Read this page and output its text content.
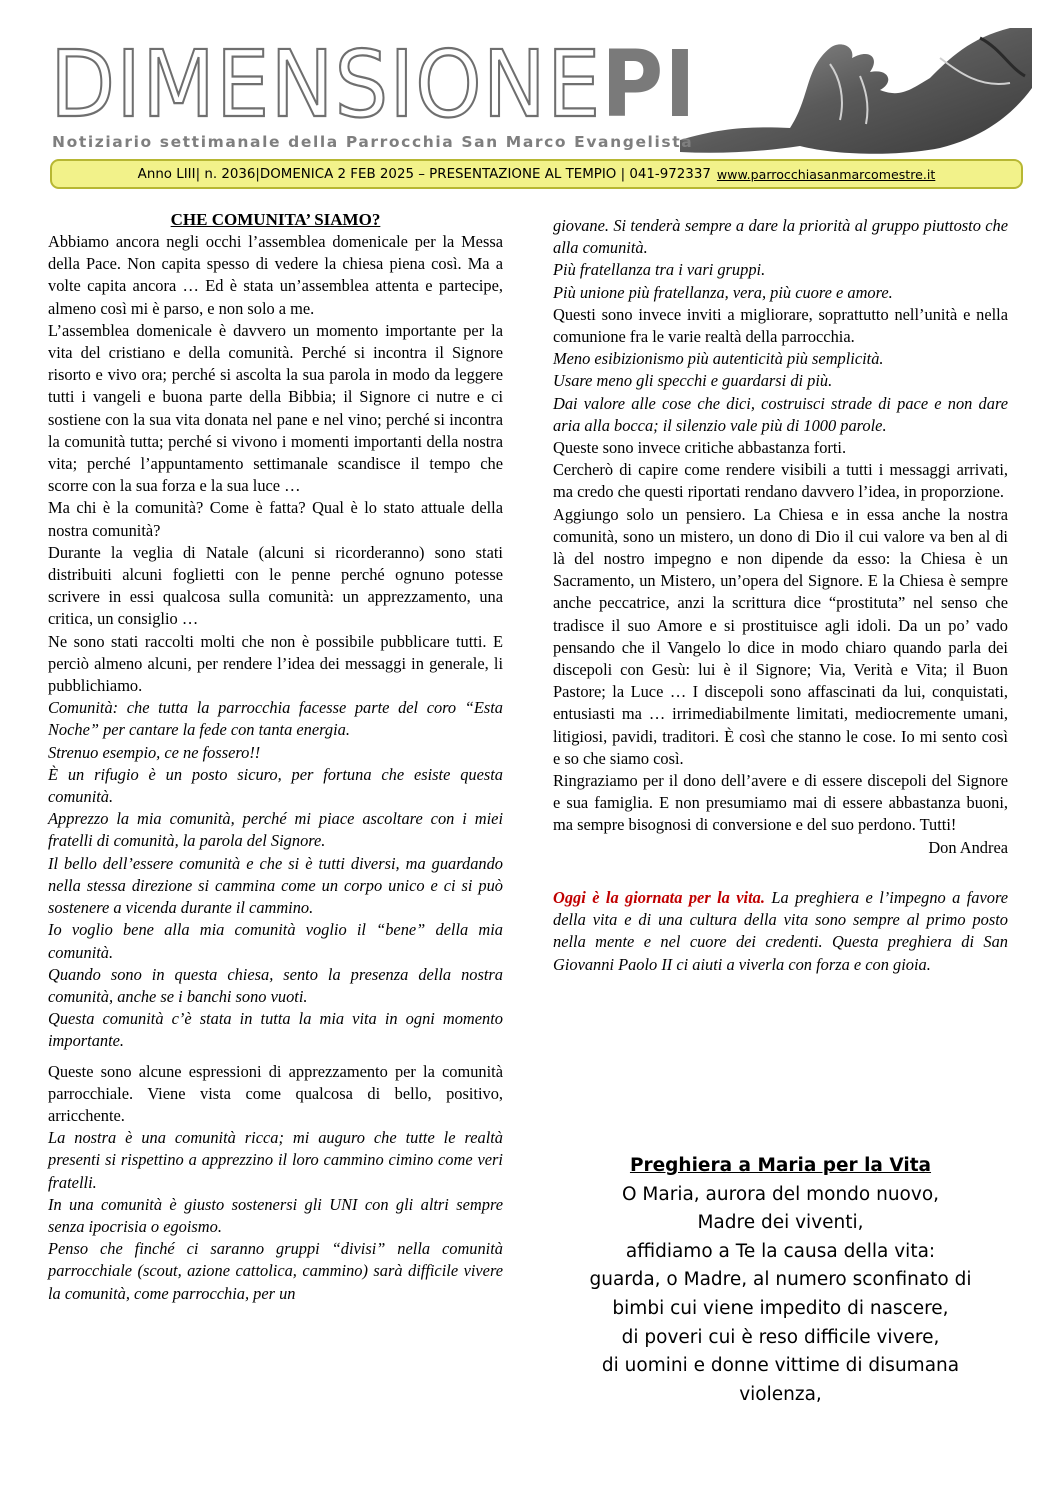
DIMENSIONEPI
Notiziario settimanale della Parrocchia San Marco Evangelista
Anno LIII| n. 2036|DOMENICA 2 FEB 2025 – PRESENTAZIONE AL TEMPIO | 041-972337 www.parrocchiasanmarcomestre.it

CHE COMUNITA’ SIAMO?

Abbiamo ancora negli occhi l’assemblea domenicale per la Messa della Pace. Non capita spesso di vedere la chiesa piena così. Ma a volte capita ancora … Ed è stata un’assemblea attenta e partecipe, almeno così mi è parso, e non solo a me.

L’assemblea domenicale è davvero un momento importante per la vita del cristiano e della comunità. Perché si incontra il Signore risorto e vivo ora; perché si ascolta la sua parola in modo da leggere tutti i vangeli e buona parte della Bibbia; il Signore ci nutre e ci sostiene con la sua vita donata nel pane e nel vino; perché si incontra la comunità tutta; perché si vivono i momenti importanti della nostra vita; perché l’appuntamento settimanale scandisce il tempo che scorre con la sua forza e la sua luce …

Ma chi è la comunità? Come è fatta? Qual è lo stato attuale della nostra comunità?

Durante la veglia di Natale (alcuni si ricorderanno) sono stati distribuiti alcuni foglietti con le penne perché ognuno potesse scrivere in essi qualcosa sulla comunità: un apprezzamento, una critica, un consiglio …

Ne sono stati raccolti molti che non è possibile pubblicare tutti. E perciò almeno alcuni, per rendere l’idea dei messaggi in generale, li pubblichiamo.

Comunità: che tutta la parrocchia facesse parte del coro “Esta Noche” per cantare la fede con tanta energia.

Strenuo esempio, ce ne fossero!!

È un rifugio è un posto sicuro, per fortuna che esiste questa comunità.

Apprezzo la mia comunità, perché mi piace ascoltare con i miei fratelli di comunità, la parola del Signore.

Il bello dell’essere comunità e che si è tutti diversi, ma guardando nella stessa direzione si cammina come un corpo unico e ci si può sostenere a vicenda durante il cammino.

Io voglio bene alla mia comunità voglio il “bene” della mia comunità.

Quando sono in questa chiesa, sento la presenza della nostra comunità, anche se i banchi sono vuoti.

Questa comunità c’è stata in tutta la mia vita in ogni momento importante.

Queste sono alcune espressioni di apprezzamento per la comunità parrocchiale. Viene vista come qualcosa di bello, positivo, arricchente.

La nostra è una comunità ricca; mi auguro che tutte le realtà presenti si rispettino a apprezzino il loro cammino cimino come veri fratelli.

In una comunità è giusto sostenersi gli UNI con gli altri sempre senza ipocrisia o egoismo.

Penso che finché ci saranno gruppi “divisi” nella comunità parrocchiale (scout, azione cattolica, cammino) sarà difficile vivere la comunità, come parrocchia, per un

giovane. Si tenderà sempre a dare la priorità al gruppo piuttosto che alla comunità.

Più fratellanza tra i vari gruppi.

Più unione più fratellanza, vera, più cuore e amore.

Questi sono invece inviti a migliorare, soprattutto nell’unità e nella comunione fra le varie realtà della parrocchia.

Meno esibizionismo più autenticità più semplicità.

Usare meno gli specchi e guardarsi di più.

Dai valore alle cose che dici, costruisci strade di pace e non dare aria alla bocca; il silenzio vale più di 1000 parole.

Queste sono invece critiche abbastanza forti.

Cercherò di capire come rendere visibili a tutti i messaggi arrivati, ma credo che questi riportati rendano davvero l’idea, in proporzione.

Aggiungo solo un pensiero. La Chiesa e in essa anche la nostra comunità, sono un mistero, un dono di Dio il cui valore va ben al di là del nostro impegno e non dipende da esso: la Chiesa è un Sacramento, un Mistero, un’opera del Signore. E la Chiesa è sempre anche peccatrice, anzi la scrittura dice “prostituta” nel senso che tradisce il suo Amore e si prostituisce agli idoli. Da un po’ vado pensando che il Vangelo lo dice in modo chiaro quando parla dei discepoli con Gesù: lui è il Signore; Via, Verità e Vita; il Buon Pastore; la Luce … I discepoli sono affascinati da lui, conquistati, entusiasti ma … irrimediabilmente limitati, mediocremente umani, litigiosi, pavidi, traditori. È così che stanno le cose. Io mi sento così e so che siamo così.

Ringraziamo per il dono dell’avere e di essere discepoli del Signore e sua famiglia. E non presumiamo mai di essere abbastanza buoni, ma sempre bisognosi di conversione e del suo perdono. Tutti!

Don Andrea

Oggi è la giornata per la vita. La preghiera e l’impegno a favore della vita e di una cultura della vita sono sempre al primo posto nella mente e nel cuore dei credenti. Questa preghiera di San Giovanni Paolo II ci aiuti a viverla con forza e con gioia.

Preghiera a Maria per la Vita
O Maria, aurora del mondo nuovo,
Madre dei viventi,
affidiamo a Te la causa della vita:
guarda, o Madre, al numero sconfinato di
bimbi cui viene impedito di nascere,
di poveri cui è reso difficile vivere,
di uomini e donne vittime di disumana
violenza,
